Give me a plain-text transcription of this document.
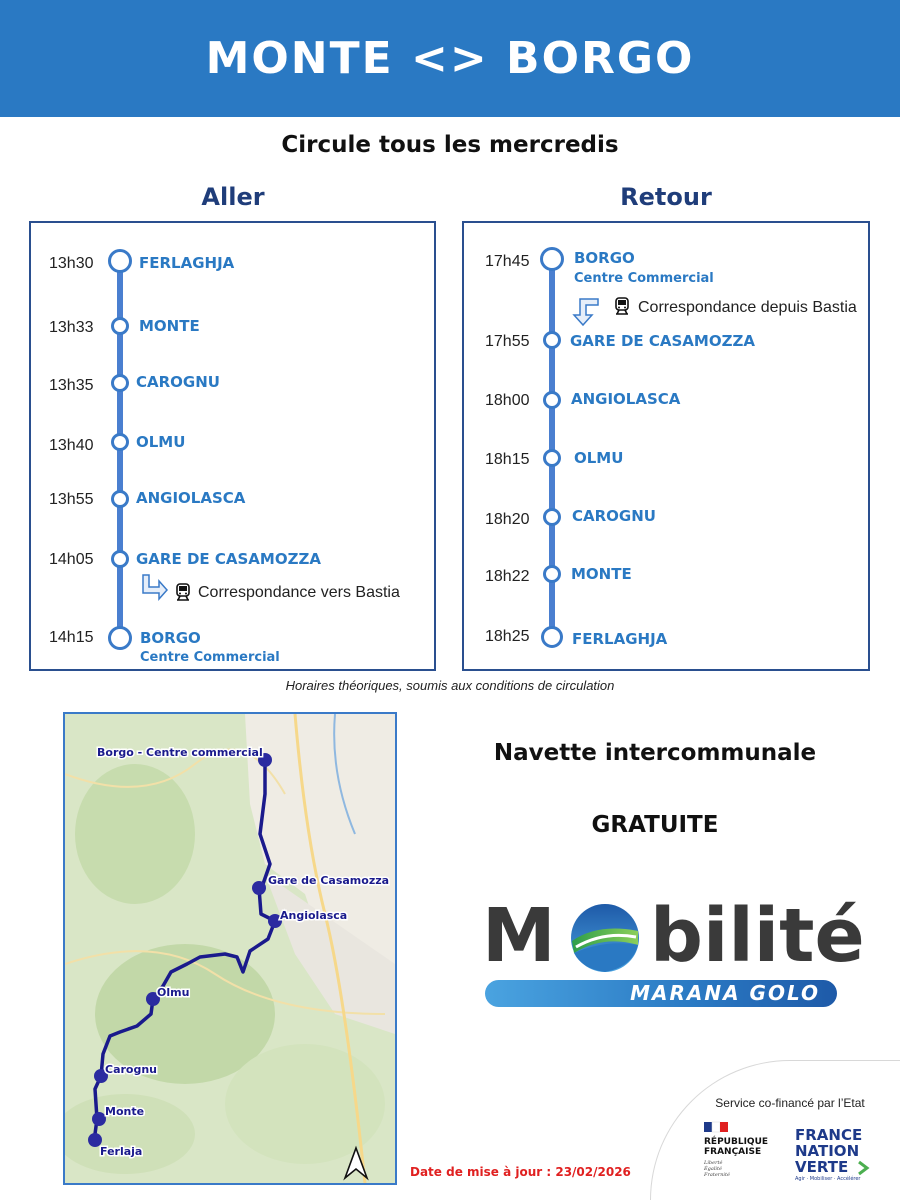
MONTE <> BORGO
Circule tous les mercredis
Aller
13h30	FERLAGHJA
13h33	MONTE
13h35	CAROGNU
13h40	OLMU
13h55	ANGIOLASCA
14h05	GARE DE CASAMOZZA
Correspondance vers Bastia
14h15	BORGO
Centre Commercial
Retour
17h45	BORGO
Centre Commercial
Correspondance depuis Bastia
17h55	GARE DE CASAMOZZA
18h00	ANGIOLASCA
18h15	OLMU
18h20	CAROGNU
18h22	MONTE
18h25	FERLAGHJA
Horaires théoriques, soumis aux conditions de circulation
Borgo - Centre commercial
Gare de Casamozza
Angiolasca
Olmu
Carognu
Monte
Ferlaja
Navette intercommunale
GRATUITE
M bilité
MARANA GOLO
Service co-financé par l’Etat
RÉPUBLIQUE
FRANÇAISE
Liberté
Égalité
Fraternité
FRANCE
NATION
VERTE
Agir · Mobiliser · Accélérer
Date de mise à jour : 23/02/2026
